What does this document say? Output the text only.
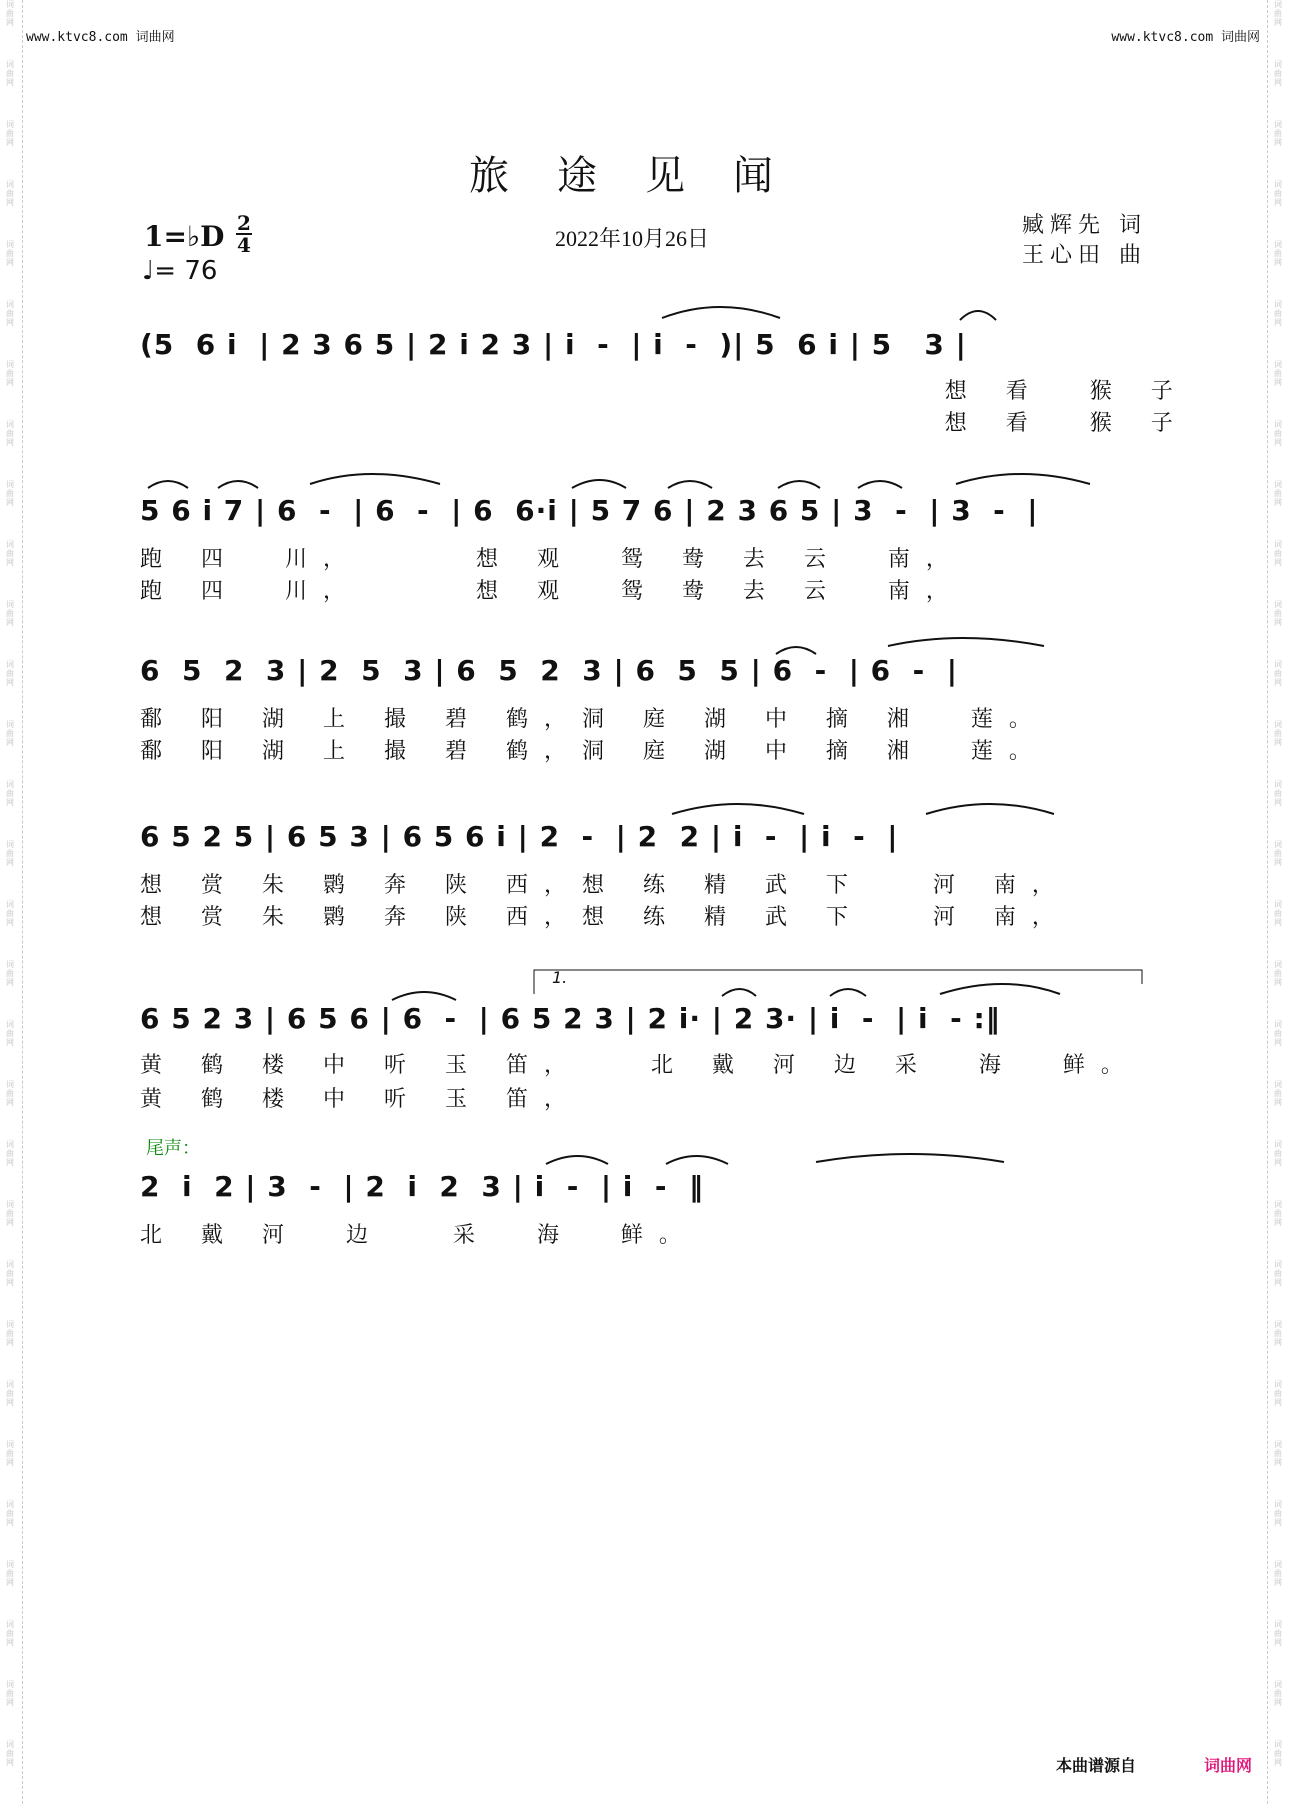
词曲网
词曲网
词曲网
词曲网
词曲网
词曲网
词曲网
词曲网
词曲网
词曲网
词曲网
词曲网
词曲网
词曲网
词曲网
词曲网
词曲网
词曲网
词曲网
词曲网
词曲网
词曲网
词曲网
词曲网
词曲网
词曲网
词曲网
词曲网
词曲网
词曲网
词曲网
词曲网
词曲网
词曲网
词曲网
词曲网
词曲网
词曲网
词曲网
词曲网
词曲网
词曲网
词曲网
词曲网
词曲网
词曲网
词曲网
词曲网
词曲网
词曲网
词曲网
词曲网
词曲网
词曲网
词曲网
词曲网
词曲网
词曲网
词曲网
词曲网
www.ktvc8.com 词曲网	www.ktvc8.com 词曲网
旅途见闻
1=♭D 2
4
♩= 76
2022年10月26日
臧辉先 词
王心田 曲
(5  6 i  | 2 3 6 5 | 2 i 2 3 | i  -  | i  -  )| 5  6 i | 5   3 |
想 看  猴 子
想 看  猴 子
5 6 i 7 | 6  -  | 6  -  | 6  6·i | 5 7 6 | 2 3 6 5 | 3  -  | 3  -  |
跑 四  川，     想 观  鸳 鸯 去 云  南，
跑 四  川，     想 观  鸳 鸯 去 云  南，
6  5  2  3 | 2  5  3 | 6  5  2  3 | 6  5  5 | 6  -  | 6  -  |
鄱 阳 湖 上 撮 碧 鹤，洞 庭 湖 中 摘 湘  莲。
鄱 阳 湖 上 撮 碧 鹤，洞 庭 湖 中 摘 湘  莲。
6 5 2 5 | 6 5 3 | 6 5 6 i | 2  -  | 2  2 | i  -  | i  -  |
想 赏 朱 鹮 奔 陕 西，想 练 精 武 下   河 南，
想 赏 朱 鹮 奔 陕 西，想 练 精 武 下   河 南，
1.
6 5 2 3 | 6 5 6 | 6  -  | 6 5 2 3 | 2 i· | 2 3· | i  -  | i  - :‖
黄 鹤 楼 中 听 玉 笛，   北 戴 河 边 采  海  鲜。
黄 鹤 楼 中 听 玉 笛，
尾声：
2  i  2 | 3  -  | 2  i  2  3 | i  -  | i  -  ‖
北 戴 河  边   采  海  鲜。
本曲谱源自	词曲网
